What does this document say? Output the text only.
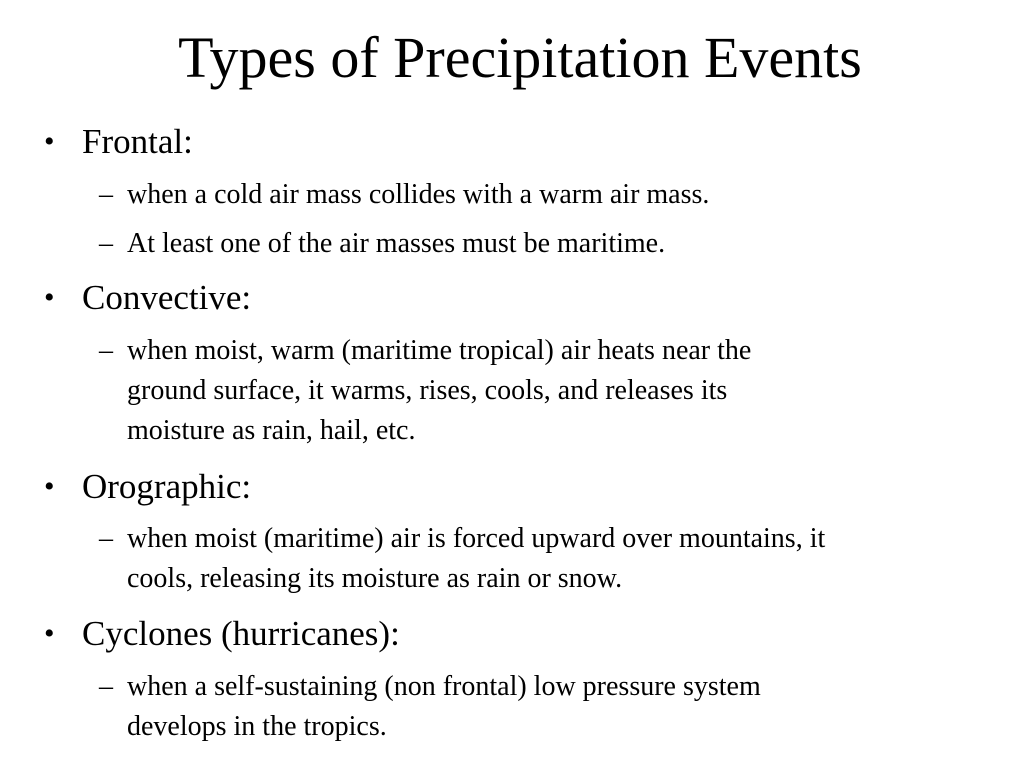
Types of Precipitation Events
• Frontal:
– when a cold air mass collides with a warm air mass.
– At least one of the air masses must be maritime.
• Convective:
– when moist, warm (maritime tropical) air heats near the
ground surface, it warms, rises, cools, and releases its
moisture as rain, hail, etc.
• Orographic:
– when moist (maritime) air is forced upward over mountains, it
cools, releasing its moisture as rain or snow.
• Cyclones (hurricanes):
– when a self-sustaining (non frontal) low pressure system
develops in the tropics.
